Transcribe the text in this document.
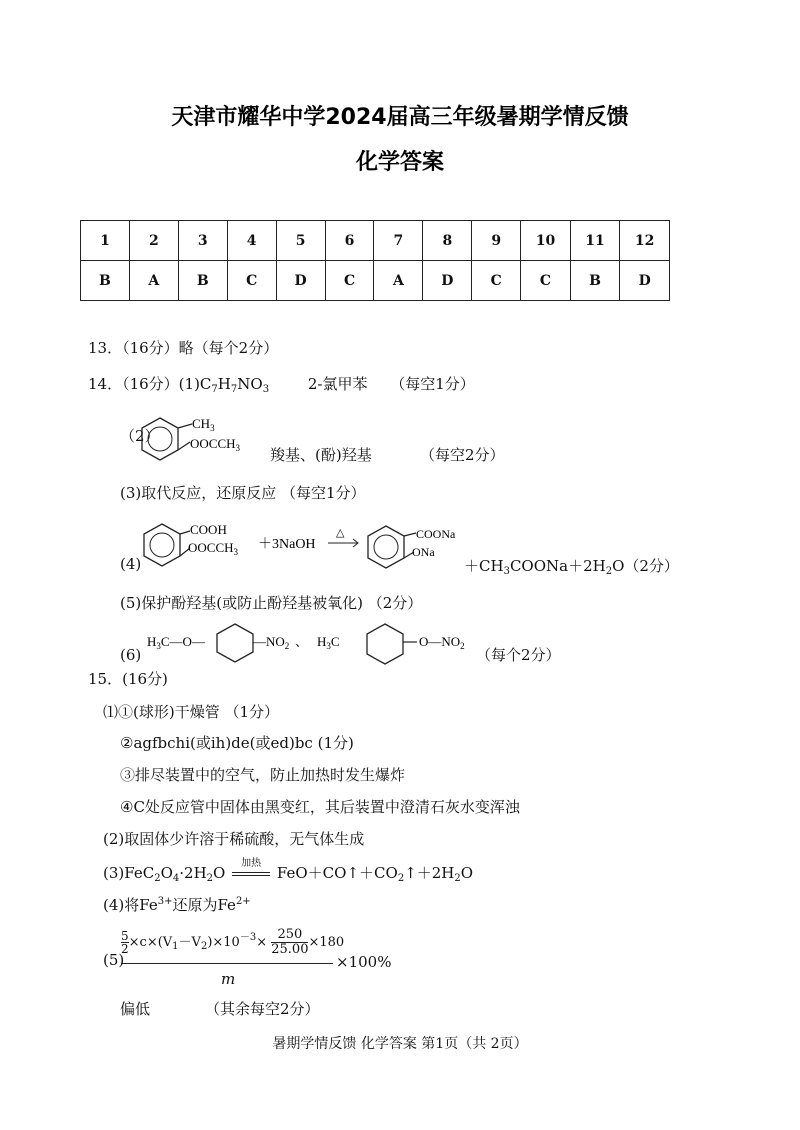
天津市耀华中学2024届高三年级暑期学情反馈
化学答案
1	2	3	4	5	6	7	8	9	10	11	12
B	A	B	C	D	C	A	D	C	C	B	D
13．（16分）略（每个2分）
14．（16分）$(1)C_7H_7NO_3$	2-氯甲苯 （每空1分）
（2）
$CH_3$
$OOCCH_3$ 羧基、(酚)羟基	（每空2分）
(3)取代反应，还原反应 （每空1分）
(4)
COOH
$OOCCH_3$ ＋3NaOH
△	COONa
ONa
$+CH_3COONa+2H_2O(2$分）
(5)保护酚羟基(或防止酚羟基被氧化) （2分）
(6)
$H_3C—O—$	$—NO_2$ 、 $H_3C$	$O—NO_2$ （每个2分）
15．(16分)
⑴①(球形)干燥管 （1分）
②agfbchi(或ih)de(或ed)bc (1分)
③排尽装置中的空气，防止加热时发生爆炸
④C处反应管中固体由黑变红，其后装置中澄清石灰水变浑浊
(2)取固体少许溶于稀硫酸，无气体生成
$(3)FeC_2O_4\cdot 2H_2O$
加热
$FeO+CO↑+CO_2↑+2H_2O$
(4)将$Fe^{3+}$还原为$Fe^{2+}$
(5)
$\frac{5}{2} \times c\times(V_1-V_2)\times 10^{-3}\times \frac{250}{25.00} \times 180$
×100%
m
偏低	（其余每空2分）
暑期学情反馈 化学答案 第1页（共 2页）
